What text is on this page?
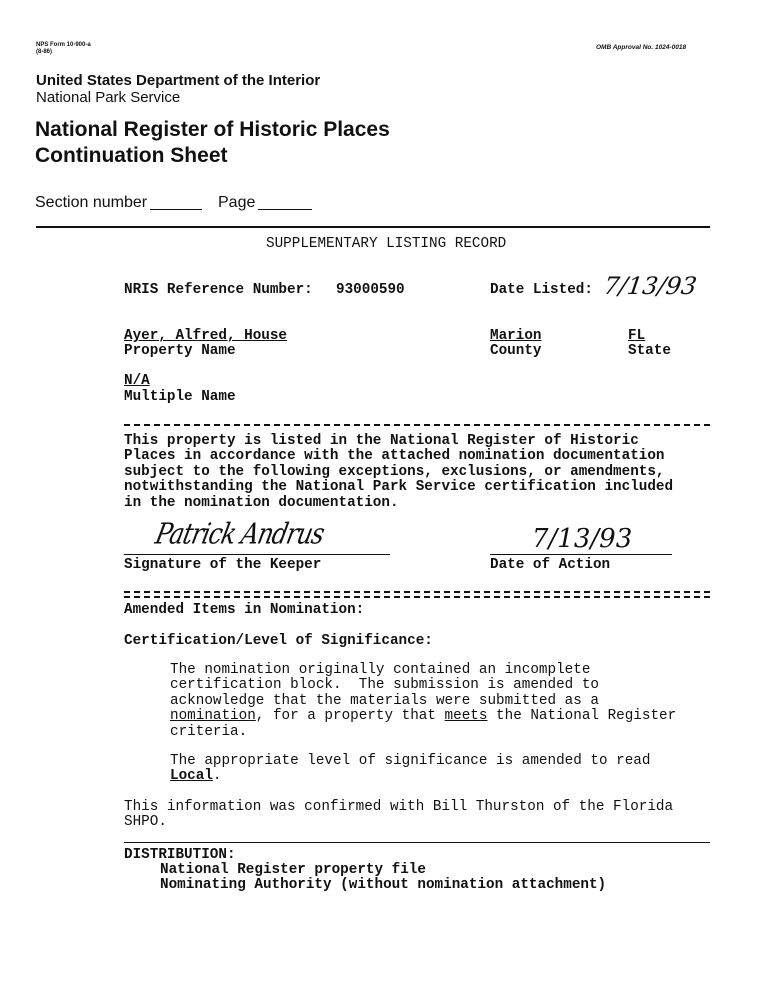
NPS Form 10-900-a
(8-86)
OMB Approval No. 1024-0018
United States Department of the Interior
National Park Service
National Register of Historic Places
Continuation Sheet
Section number	Page
SUPPLEMENTARY LISTING RECORD
NRIS Reference Number: 93000590	Date Listed: 7/13/93
Ayer, Alfred, House
Property Name
Marion
County
FL
State
N/A
Multiple Name
This property is listed in the National Register of Historic
Places in accordance with the attached nomination documentation
subject to the following exceptions, exclusions, or amendments,
notwithstanding the National Park Service certification included
in the nomination documentation.
Patrick Andrus
Signature of the Keeper
7/13/93
Date of Action
Amended Items in Nomination:
Certification/Level of Significance:
The nomination originally contained an incomplete
certification block.  The submission is amended to
acknowledge that the materials were submitted as a
nomination, for a property that meets the National Register
criteria.
The appropriate level of significance is amended to read
Local.
This information was confirmed with Bill Thurston of the Florida
SHPO.
DISTRIBUTION:
National Register property file
Nominating Authority (without nomination attachment)
